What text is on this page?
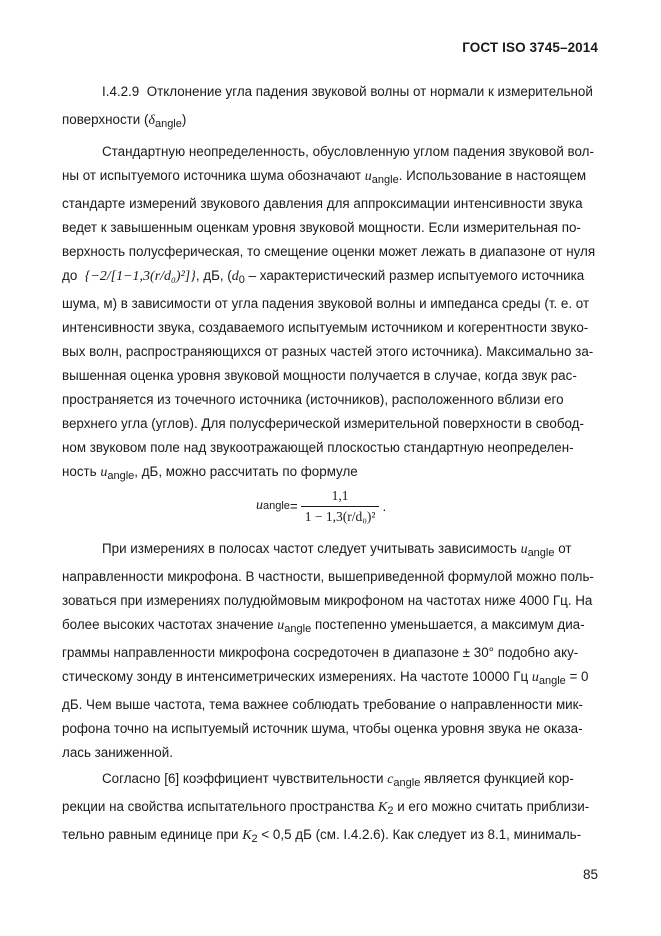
ГОСТ ISO 3745–2014
I.4.2.9 Отклонение угла падения звуковой волны от нормали к измерительной
поверхности $(\delta_{angle})$

Стандартную неопределенность, обусловленную углом падения звуковой вол-

ны от испытуемого источника шума обозначают $u_{angle}$. Использование в настоящем

стандарте измерений звукового давления для аппроксимации интенсивности звука

ведет к завышенным оценкам уровня звуковой мощности. Если измерительная по-

верхность полусферическая, то смещение оценки может лежать в диапазоне от нуля

до {−2/[1−1,3(r/d₀)²]}, дБ, ($d_0$ – характеристический размер испытуемого источника

шума, м) в зависимости от угла падения звуковой волны и импеданса среды (т. е. от

интенсивности звука, создаваемого испытуемым источником и когерентности звуко-

вых волн, распространяющихся от разных частей этого источника). Максимально за-

вышенная оценка уровня звуковой мощности получается в случае, когда звук рас-

пространяется из точечного источника (источников), расположенного вблизи его

верхнего угла (углов). Для полусферической измерительной поверхности в свобод-

ном звуковом поле над звукоотражающей плоскостью стандартную неопределен-

ность $u_{angle}$, дБ, можно рассчитать по формуле

u angle = $\frac{1,1}{\text{1 − 1,3(r/d₀)²}}$ .

При измерениях в полосах частот следует учитывать зависимость $u_{angle}$ от

направленности микрофона. В частности, вышеприведенной формулой можно поль-

зоваться при измерениях полудюймовым микрофоном на частотах ниже 4000 Гц. На

более высоких частотах значение $u_{angle}$ постепенно уменьшается, а максимум диа-

граммы направленности микрофона сосредоточен в диапазоне ± 30° подобно аку-

стическому зонду в интенсиметрических измерениях. На частоте 10000 Гц $u_{angle} = 0$

дБ. Чем выше частота, тема важнее соблюдать требование о направленности мик-

рофона точно на испытуемый источник шума, чтобы оценка уровня звука не оказа-

лась заниженной.

Согласно [6] коэффициент чувствительности $c_{angle}$ является функцией кор-

рекции на свойства испытательного пространства $K_2$ и его можно считать приблизи-

тельно равным единице при $K_2 < 0,5$ дБ (см. I.4.2.6). Как следует из 8.1, минималь-

85
